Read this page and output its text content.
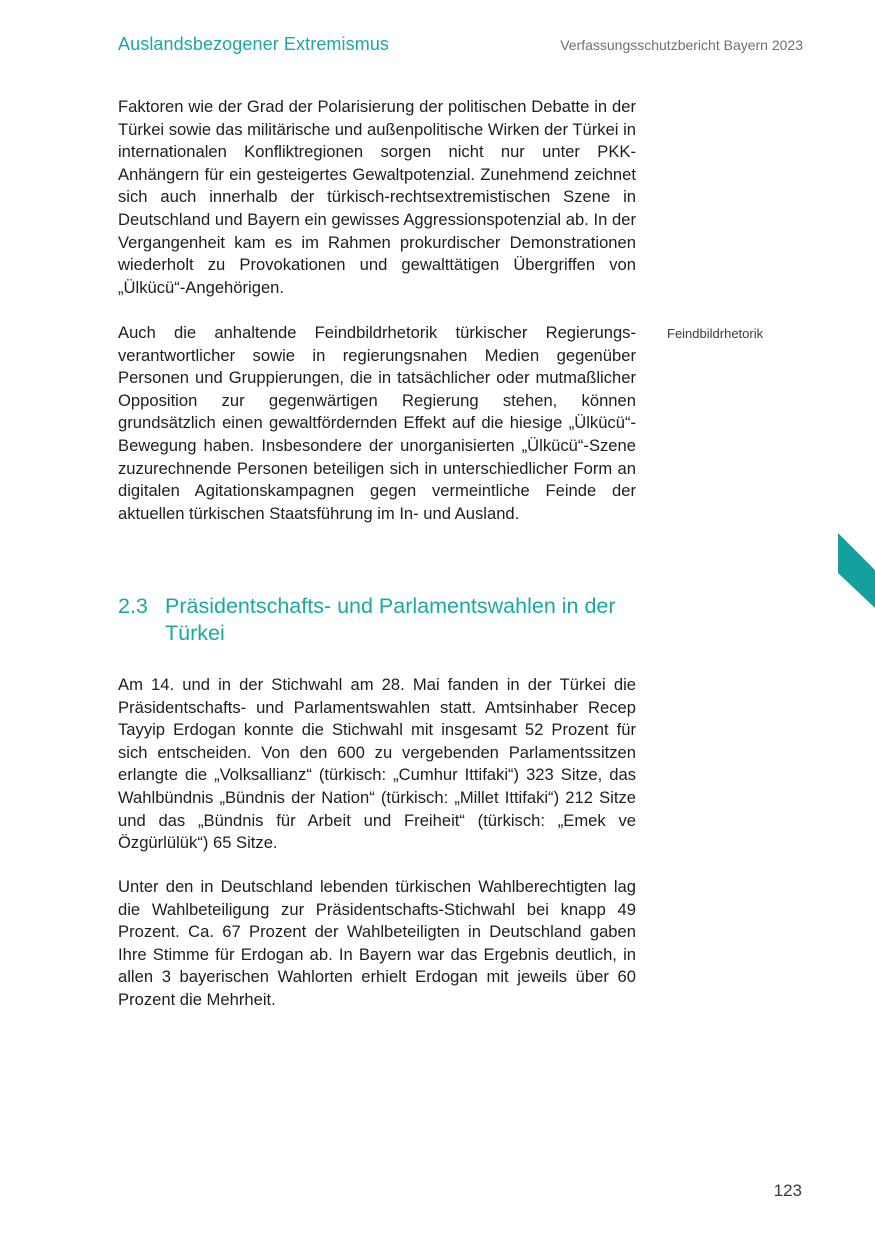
Auslandsbezogener Extremismus	Verfassungsschutzbericht Bayern 2023

Faktoren wie der Grad der Polarisierung der politischen Debatte in der Türkei sowie das militärische und außenpolitische Wirken der Türkei in internationalen Konfliktregionen sorgen nicht nur unter PKK-Anhängern für ein gesteigertes Gewaltpotenzial. Zunehmend zeichnet sich auch innerhalb der türkisch-rechtsextremistischen Szene in Deutschland und Bayern ein gewisses Aggressionspotenzial ab. In der Vergangenheit kam es im Rahmen prokurdischer Demonstrationen wiederholt zu Provokationen und gewalttätigen Übergriffen von „Ülkücü“-Angehörigen.

Feindbildrhetorik

Auch die anhaltende Feindbildrhetorik türkischer Regierungsverantwortlicher sowie in regierungsnahen Medien gegenüber Personen und Gruppierungen, die in tatsächlicher oder mutmaßlicher Opposition zur gegenwärtigen Regierung stehen, können grundsätzlich einen gewaltfördernden Effekt auf die hiesige „Ülkücü“-Bewegung haben. Insbesondere der unorganisierten „Ülkücü“-Szene zuzurechnende Personen beteiligen sich in unterschiedlicher Form an digitalen Agitationskampagnen gegen vermeintliche Feinde der aktuellen türkischen Staatsführung im In- und Ausland.

2.3 Präsidentschafts- und Parlamentswahlen in der Türkei

Am 14. und in der Stichwahl am 28. Mai fanden in der Türkei die Präsidentschafts- und Parlamentswahlen statt. Amtsinhaber Recep Tayyip Erdogan konnte die Stichwahl mit insgesamt 52 Prozent für sich entscheiden. Von den 600 zu vergebenden Parlamentssitzen erlangte die „Volksallianz“ (türkisch: „Cumhur Ittifaki“) 323 Sitze, das Wahlbündnis „Bündnis der Nation“ (türkisch: „Millet Ittifaki“) 212 Sitze und das „Bündnis für Arbeit und Freiheit“ (türkisch: „Emek ve Özgürlülük“) 65 Sitze.

Unter den in Deutschland lebenden türkischen Wahlberechtigten lag die Wahlbeteiligung zur Präsidentschafts-Stichwahl bei knapp 49 Prozent. Ca. 67 Prozent der Wahlbeteiligten in Deutschland gaben Ihre Stimme für Erdogan ab. In Bayern war das Ergebnis deutlich, in allen 3 bayerischen Wahlorten erhielt Erdogan mit jeweils über 60 Prozent die Mehrheit.

123
